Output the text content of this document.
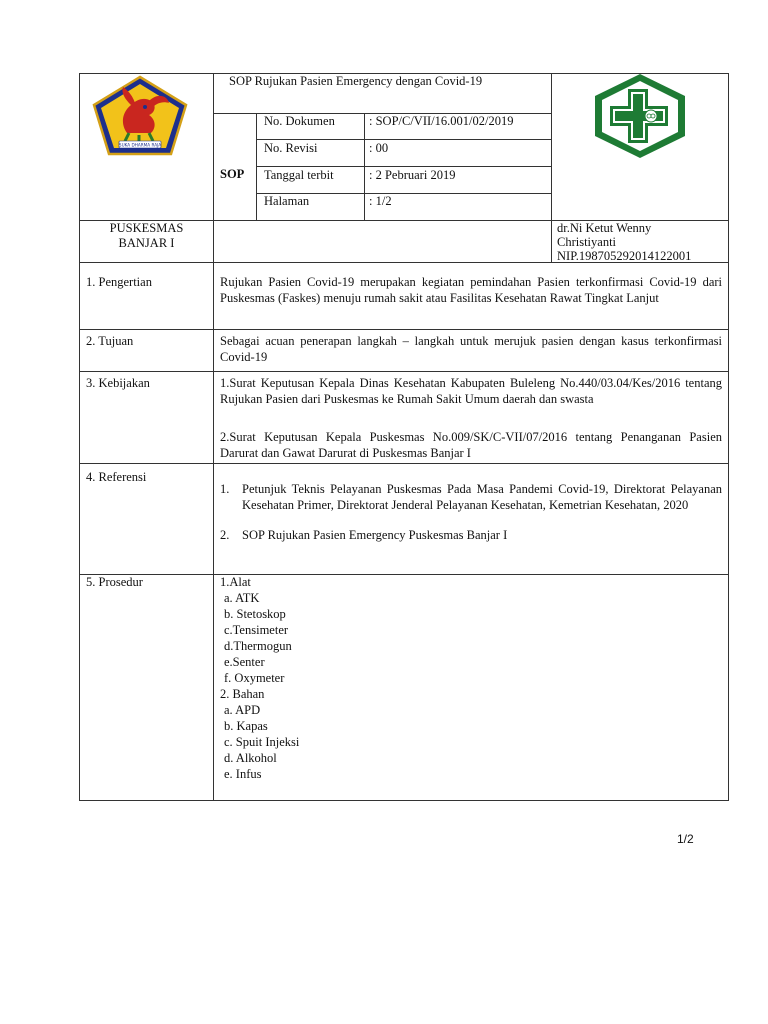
SUKA DHARMA RAJA
SOP Rujukan Pasien Emergency dengan Covid-19
SOP
No. Dokumen	: SOP/C/VII/16.001/02/2019
No. Revisi	: 00
Tanggal terbit	: 2 Pebruari 2019
Halaman	: 1/2
PUSKESMAS
BANJAR I
dr.Ni Ketut Wenny
Christiyanti
NIP.198705292014122001
1. Pengertian	Rujukan Pasien Covid-19 merupakan kegiatan pemindahan Pasien terkonfirmasi Covid-19 dari Puskesmas (Faskes) menuju rumah sakit atau Fasilitas Kesehatan Rawat Tingkat Lanjut
2. Tujuan	Sebagai acuan penerapan langkah – langkah untuk merujuk pasien dengan kasus terkonfirmasi Covid-19
3. Kebijakan	1.Surat Keputusan Kepala Dinas Kesehatan Kabupaten Buleleng No.440/03.04/Kes/2016 tentang Rujukan Pasien dari Puskesmas ke Rumah Sakit Umum daerah dan swasta
2.Surat Keputusan Kepala Puskesmas No.009/SK/C-VII/07/2016 tentang Penanganan Pasien Darurat dan Gawat Darurat di Puskesmas Banjar I
4. Referensi
1. Petunjuk Teknis Pelayanan Puskesmas Pada Masa Pandemi Covid-19, Direktorat Pelayanan Kesehatan Primer, Direktorat Jenderal Pelayanan Kesehatan, Kemetrian Kesehatan, 2020
2. SOP Rujukan Pasien Emergency Puskesmas Banjar I
5. Prosedur	1.Alat
a. ATK
b. Stetoskop
c.Tensimeter
d.Thermogun
e.Senter
f. Oxymeter
2. Bahan
a. APD
b. Kapas
c. Spuit Injeksi
d. Alkohol
e. Infus
1/2
